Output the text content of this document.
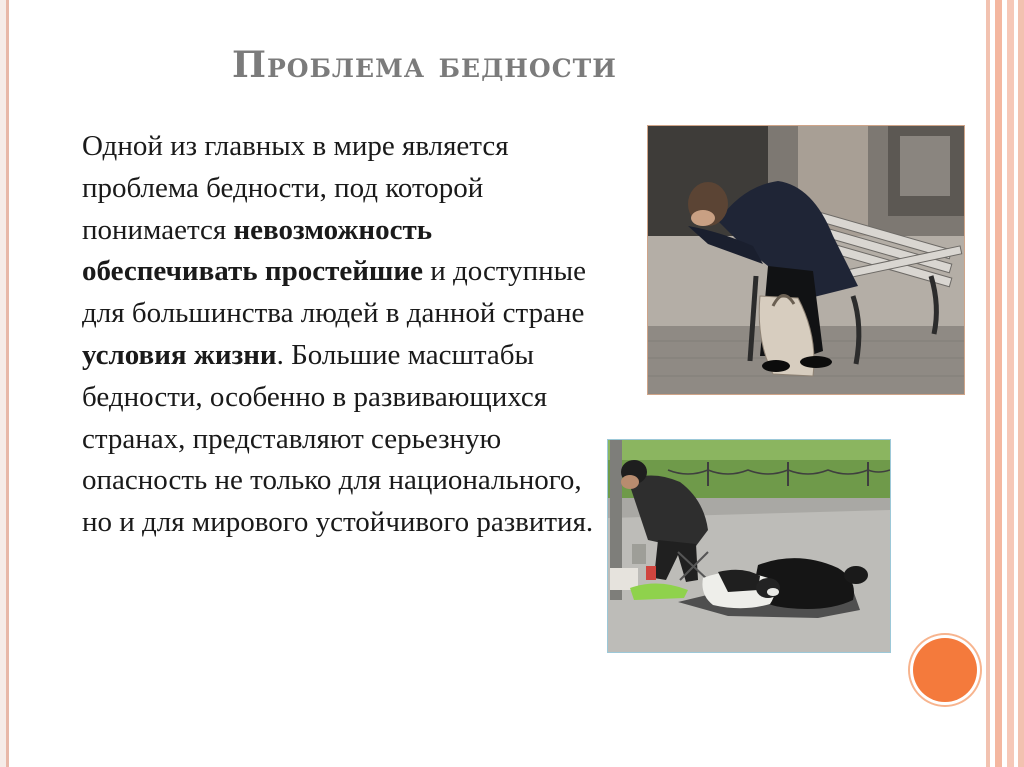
Проблема бедности

Одной из главных в мире является проблема бедности, под которой понимается невозможность обеспечивать простейшие и доступные для большинства людей в данной стране условия жизни. Большие масштабы бедности, особенно в развивающихся странах, представляют серьезную опасность не только для национального, но и для мирового устойчивого развития.
